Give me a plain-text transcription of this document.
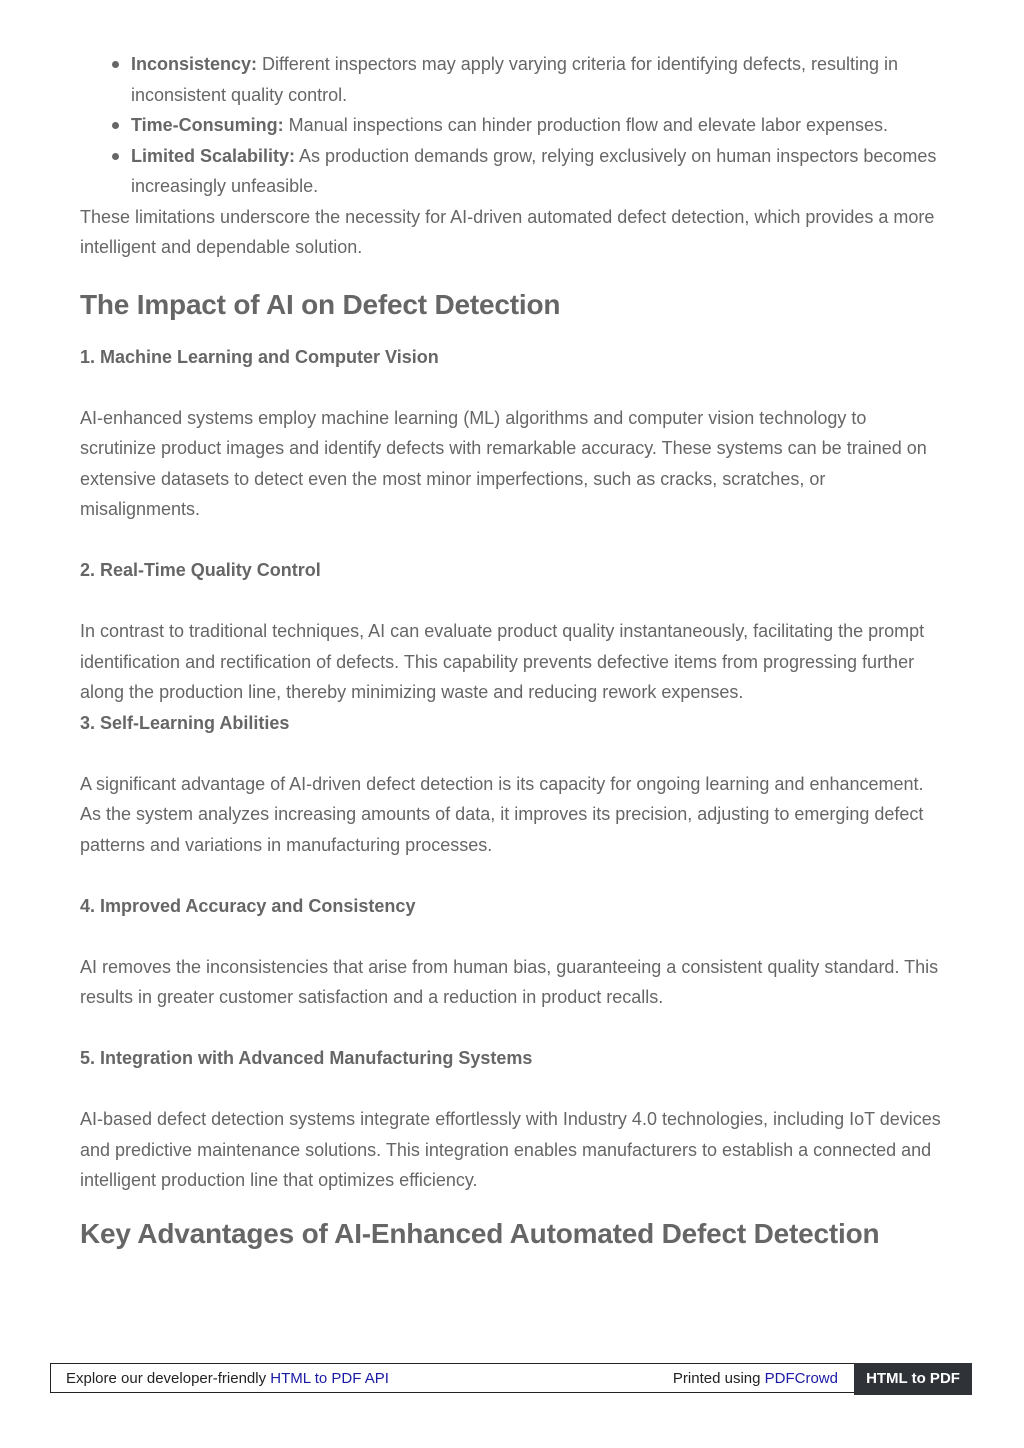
Inconsistency: Different inspectors may apply varying criteria for identifying defects, resulting in inconsistent quality control.
Time-Consuming: Manual inspections can hinder production flow and elevate labor expenses.
Limited Scalability: As production demands grow, relying exclusively on human inspectors becomes increasingly unfeasible.

These limitations underscore the necessity for AI-driven automated defect detection, which provides a more intelligent and dependable solution.

The Impact of AI on Defect Detection
1. Machine Learning and Computer Vision

AI-enhanced systems employ machine learning (ML) algorithms and computer vision technology to scrutinize product images and identify defects with remarkable accuracy. These systems can be trained on extensive datasets to detect even the most minor imperfections, such as cracks, scratches, or misalignments.

2. Real-Time Quality Control

In contrast to traditional techniques, AI can evaluate product quality instantaneously, facilitating the prompt identification and rectification of defects. This capability prevents defective items from progressing further along the production line, thereby minimizing waste and reducing rework expenses.

3. Self-Learning Abilities

A significant advantage of AI-driven defect detection is its capacity for ongoing learning and enhancement. As the system analyzes increasing amounts of data, it improves its precision, adjusting to emerging defect patterns and variations in manufacturing processes.

4. Improved Accuracy and Consistency

AI removes the inconsistencies that arise from human bias, guaranteeing a consistent quality standard. This results in greater customer satisfaction and a reduction in product recalls.

5. Integration with Advanced Manufacturing Systems

AI-based defect detection systems integrate effortlessly with Industry 4.0 technologies, including IoT devices and predictive maintenance solutions. This integration enables manufacturers to establish a connected and intelligent production line that optimizes efficiency.

Key Advantages of AI-Enhanced Automated Defect Detection
Explore our developer-friendly HTML to PDF API	Printed using PDFCrowd	HTML to PDF
